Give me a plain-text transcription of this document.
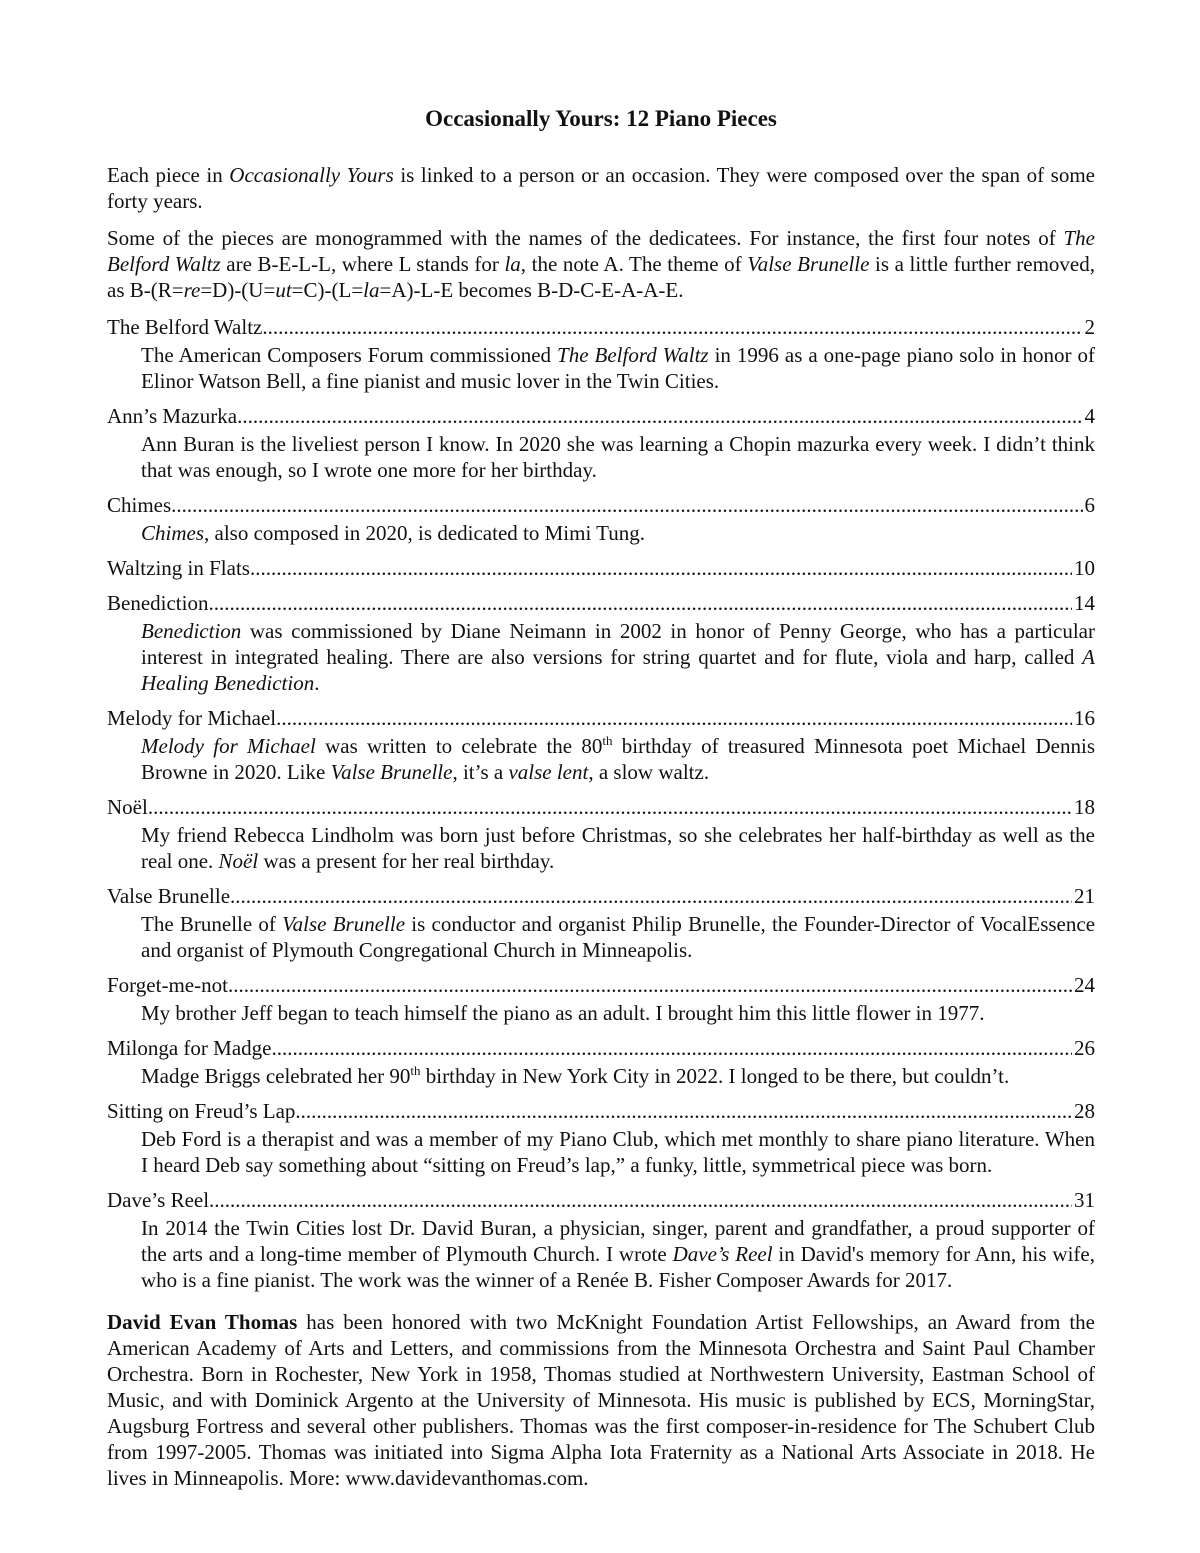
Occasionally Yours: 12 Piano Pieces

Each piece in Occasionally Yours is linked to a person or an occasion. They were composed over the span of some forty years.

Some of the pieces are monogrammed with the names of the dedicatees. For instance, the first four notes of The Belford Waltz are B-E-L-L, where L stands for la, the note A. The theme of Valse Brunelle is a little further removed, as B-(R=re=D)-(U=ut=C)-(L=la=A)-L-E becomes B-D-C-E-A-A-E.

The Belford Waltz .....	2

The American Composers Forum commissioned The Belford Waltz in 1996 as a one-page piano solo in honor of Elinor Watson Bell, a fine pianist and music lover in the Twin Cities.

Ann’s Mazurka .....	4

Ann Buran is the liveliest person I know. In 2020 she was learning a Chopin mazurka every week. I didn’t think that was enough, so I wrote one more for her birthday.

Chimes .....	6

Chimes, also composed in 2020, is dedicated to Mimi Tung.

Waltzing in Flats .....	10
Benediction .....	14

Benediction was commissioned by Diane Neimann in 2002 in honor of Penny George, who has a particular interest in integrated healing. There are also versions for string quartet and for flute, viola and harp, called A Healing Benediction.

Melody for Michael .....	16

Melody for Michael was written to celebrate the 80th birthday of treasured Minnesota poet Michael Dennis Browne in 2020. Like Valse Brunelle, it’s a valse lent, a slow waltz.

Noël .....	18

My friend Rebecca Lindholm was born just before Christmas, so she celebrates her half-birthday as well as the real one. Noël was a present for her real birthday.

Valse Brunelle .....	21

The Brunelle of Valse Brunelle is conductor and organist Philip Brunelle, the Founder-Director of VocalEssence and organist of Plymouth Congregational Church in Minneapolis.

Forget-me-not .....	24

My brother Jeff began to teach himself the piano as an adult. I brought him this little flower in 1977.

Milonga for Madge .....	26

Madge Briggs celebrated her 90th birthday in New York City in 2022. I longed to be there, but couldn’t.

Sitting on Freud’s Lap .....	28

Deb Ford is a therapist and was a member of my Piano Club, which met monthly to share piano literature. When I heard Deb say something about “sitting on Freud’s lap,” a funky, little, symmetrical piece was born.

Dave’s Reel .....	31

In 2014 the Twin Cities lost Dr. David Buran, a physician, singer, parent and grandfather, a proud supporter of the arts and a long-time member of Plymouth Church. I wrote Dave’s Reel in David's memory for Ann, his wife, who is a fine pianist. The work was the winner of a Renée B. Fisher Composer Awards for 2017.

David Evan Thomas has been honored with two McKnight Foundation Artist Fellowships, an Award from the American Academy of Arts and Letters, and commissions from the Minnesota Orchestra and Saint Paul Chamber Orchestra. Born in Rochester, New York in 1958, Thomas studied at Northwestern University, Eastman School of Music, and with Dominick Argento at the University of Minnesota. His music is published by ECS, MorningStar, Augsburg Fortress and several other publishers. Thomas was the first composer-in-residence for The Schubert Club from 1997-2005. Thomas was initiated into Sigma Alpha Iota Fraternity as a National Arts Associate in 2018. He lives in Minneapolis. More: www.davidevanthomas.com.
